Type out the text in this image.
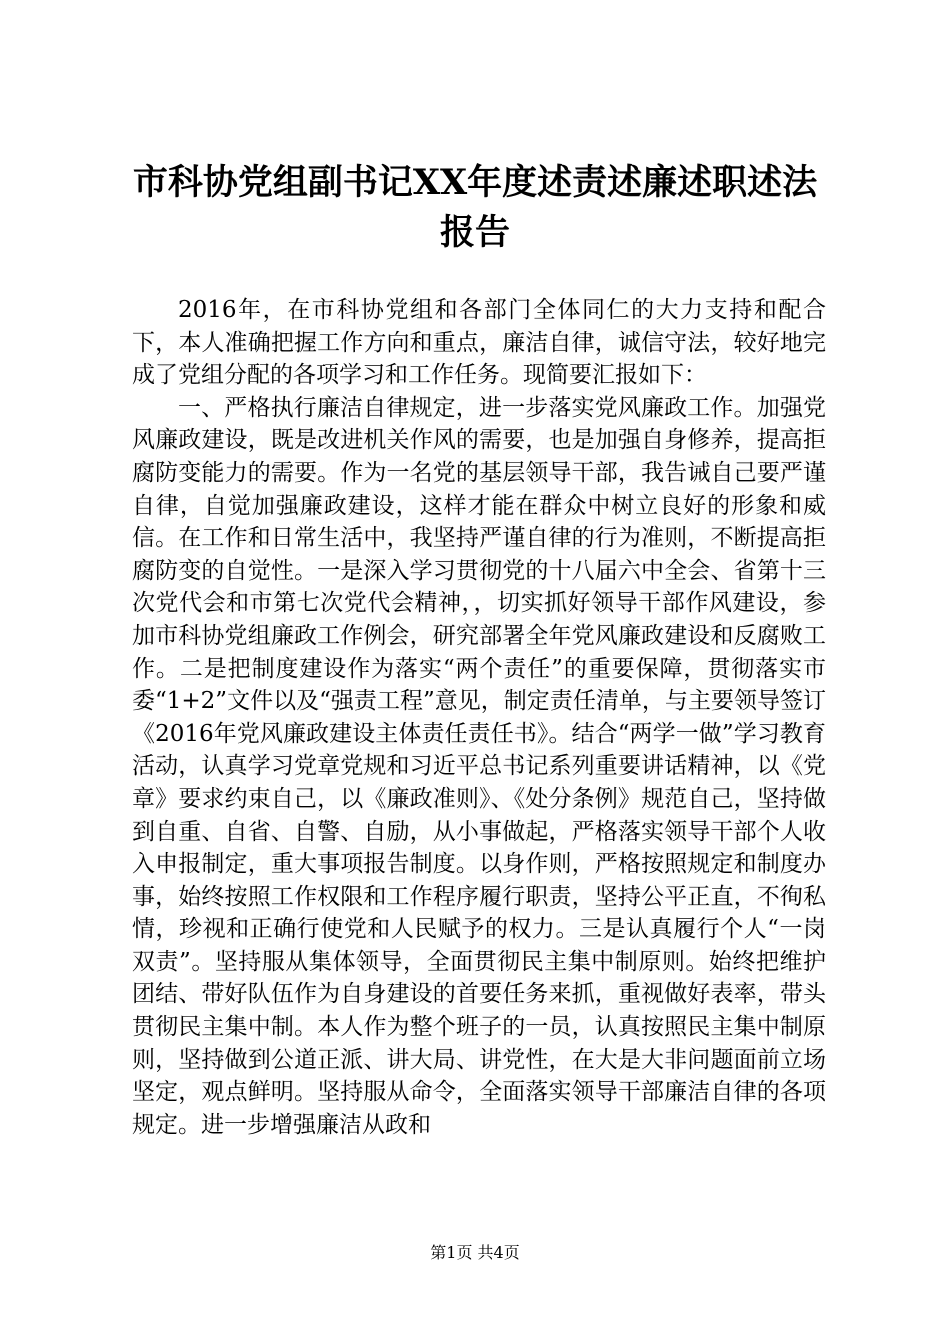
市科协党组副书记XX年度述责述廉述职述法
报告

2016年，在市科协党组和各部门全体同仁的大力支持和配合下，本人准确把握工作方向和重点，廉洁自律，诚信守法，较好地完成了党组分配的各项学习和工作任务。现简要汇报如下：

一、严格执行廉洁自律规定，进一步落实党风廉政工作。加强党风廉政建设，既是改进机关作风的需要，也是加强自身修养，提高拒腐防变能力的需要。作为一名党的基层领导干部，我告诫自己要严谨自律，自觉加强廉政建设，这样才能在群众中树立良好的形象和威信。在工作和日常生活中，我坚持严谨自律的行为准则，不断提高拒腐防变的自觉性。一是深入学习贯彻党的十八届六中全会、省第十三次党代会和市第七次党代会精神，，切实抓好领导干部作风建设，参加市科协党组廉政工作例会，研究部署全年党风廉政建设和反腐败工作。二是把制度建设作为落实“两个责任”的重要保障，贯彻落实市委“1+2”文件以及“强责工程”意见，制定责任清单，与主要领导签订《2016年党风廉政建设主体责任责任书》。结合“两学一做”学习教育活动，认真学习党章党规和习近平总书记系列重要讲话精神，以《党章》要求约束自己，以《廉政准则》、《处分条例》规范自己，坚持做到自重、自省、自警、自励，从小事做起，严格落实领导干部个人收入申报制定，重大事项报告制度。以身作则，严格按照规定和制度办事，始终按照工作权限和工作程序履行职责，坚持公平正直，不徇私情，珍视和正确行使党和人民赋予的权力。三是认真履行个人“一岗双责”。坚持服从集体领导，全面贯彻民主集中制原则。始终把维护团结、带好队伍作为自身建设的首要任务来抓，重视做好表率，带头贯彻民主集中制。本人作为整个班子的一员，认真按照民主集中制原则，坚持做到公道正派、讲大局、讲党性，在大是大非问题面前立场坚定，观点鲜明。坚持服从命令，全面落实领导干部廉洁自律的各项规定。进一步增强廉洁从政和

第1页 共4页
